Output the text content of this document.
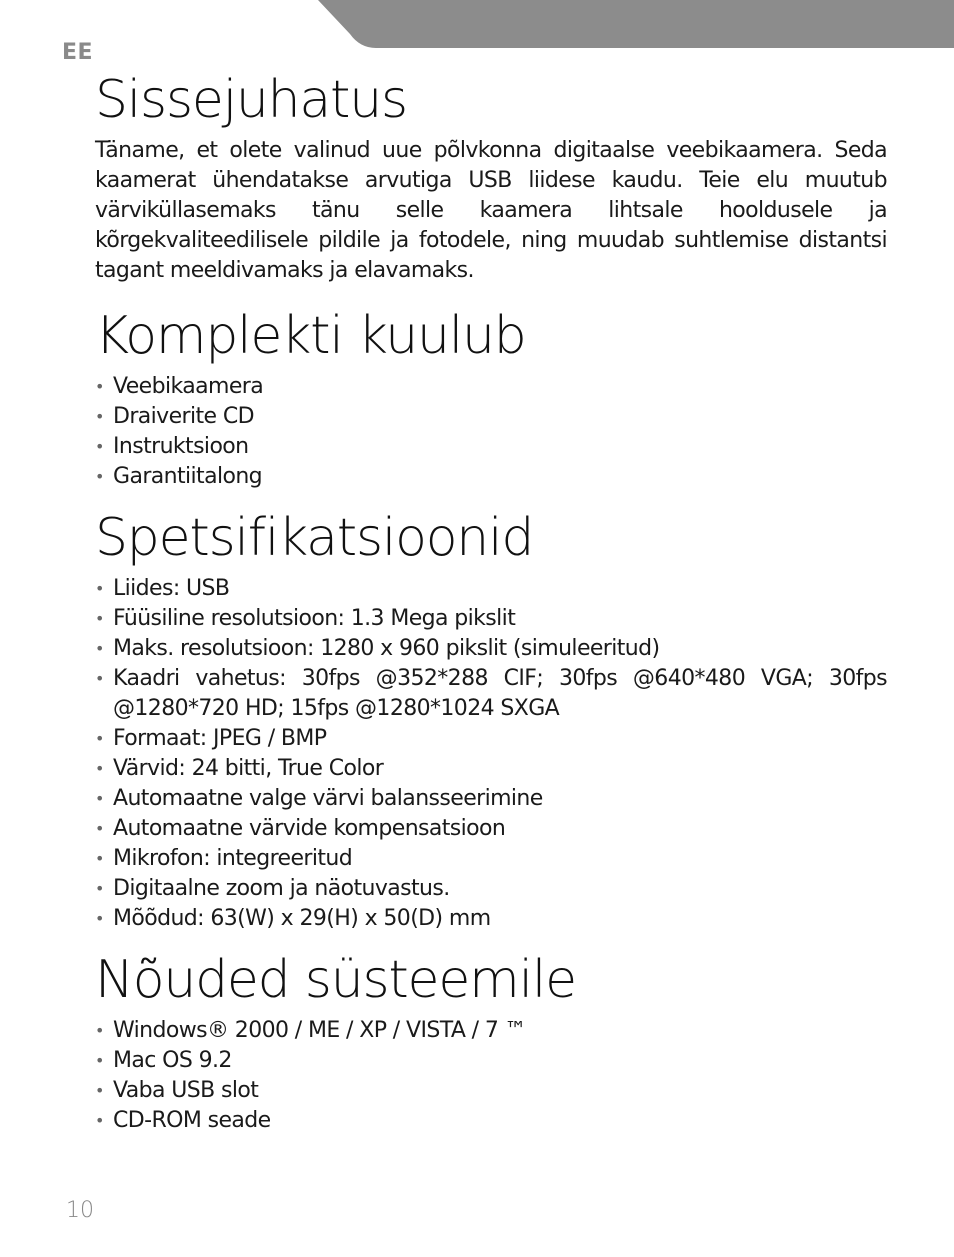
EE
Sissejuhatus

Täname, et olete valinud uue põlvkonna digitaalse veebikaamera. Seda kaamerat ühendatakse arvutiga USB liidese kaudu. Teie elu muutub värviküllasemaks tänu selle kaamera lihtsale hooldusele ja kõrgekvaliteedilisele pildile ja fotodele, ning muudab suhtlemise distantsi tagant meeldivamaks ja elavamaks.

Komplekti kuulub
• Veebikaamera
• Draiverite CD
• Instruktsioon
• Garantiitalong
Spetsifikatsioonid
• Liides: USB
• Füüsiline resolutsioon: 1.3 Mega pikslit
• Maks. resolutsioon: 1280 x 960 pikslit (simuleeritud)
• Kaadri vahetus: 30fps @352*288 CIF; 30fps @640*480 VGA; 30fps @1280*720 HD; 15fps @1280*1024 SXGA
• Formaat: JPEG / BMP
• Värvid: 24 bitti, True Color
• Automaatne valge värvi balansseerimine
• Automaatne värvide kompensatsioon
• Mikrofon: integreeritud
• Digitaalne zoom ja näotuvastus.
• Mõõdud: 63(W) x 29(H) x 50(D) mm
Nõuded süsteemile
• Windows® 2000 / ME / XP / VISTA / 7 ™
• Mac OS 9.2
• Vaba USB slot
• CD-ROM seade
10
